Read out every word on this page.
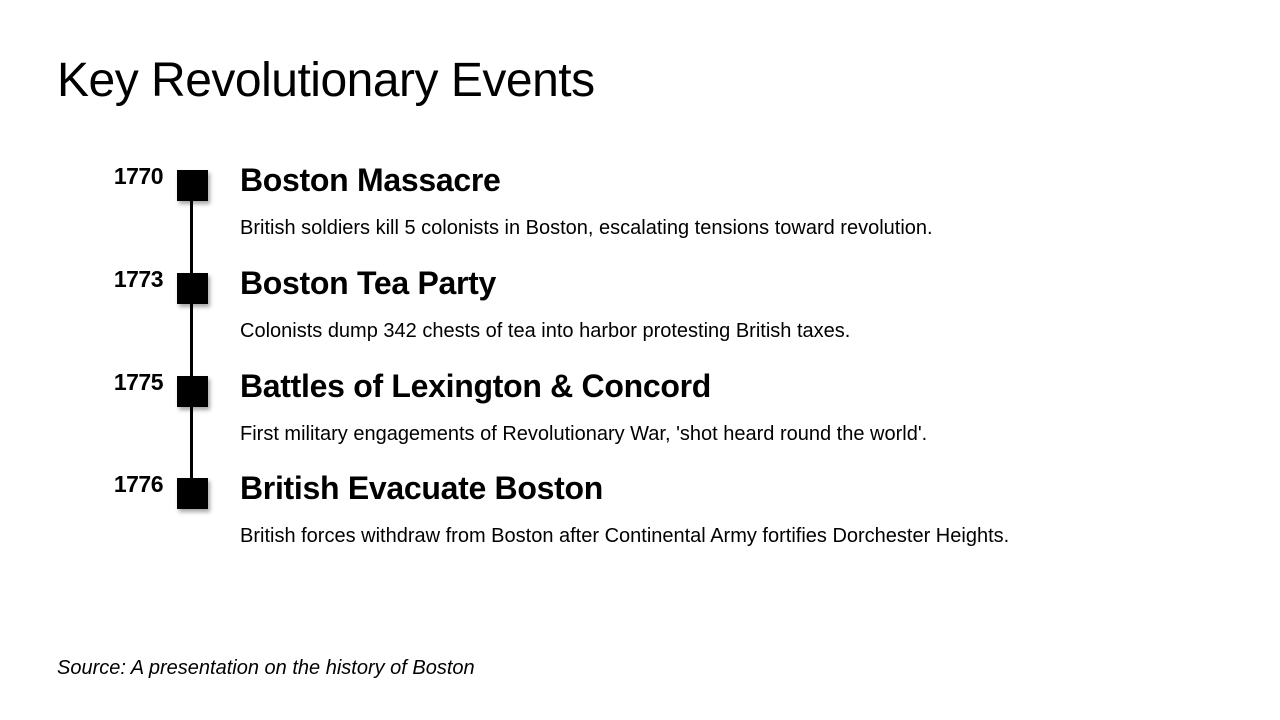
Key Revolutionary Events
1770 Boston Massacre

British soldiers kill 5 colonists in Boston, escalating tensions toward revolution.

1773 Boston Tea Party

Colonists dump 342 chests of tea into harbor protesting British taxes.

1775 Battles of Lexington & Concord

First military engagements of Revolutionary War, 'shot heard round the world'.

1776 British Evacuate Boston

British forces withdraw from Boston after Continental Army fortifies Dorchester Heights.

Source: A presentation on the history of Boston
